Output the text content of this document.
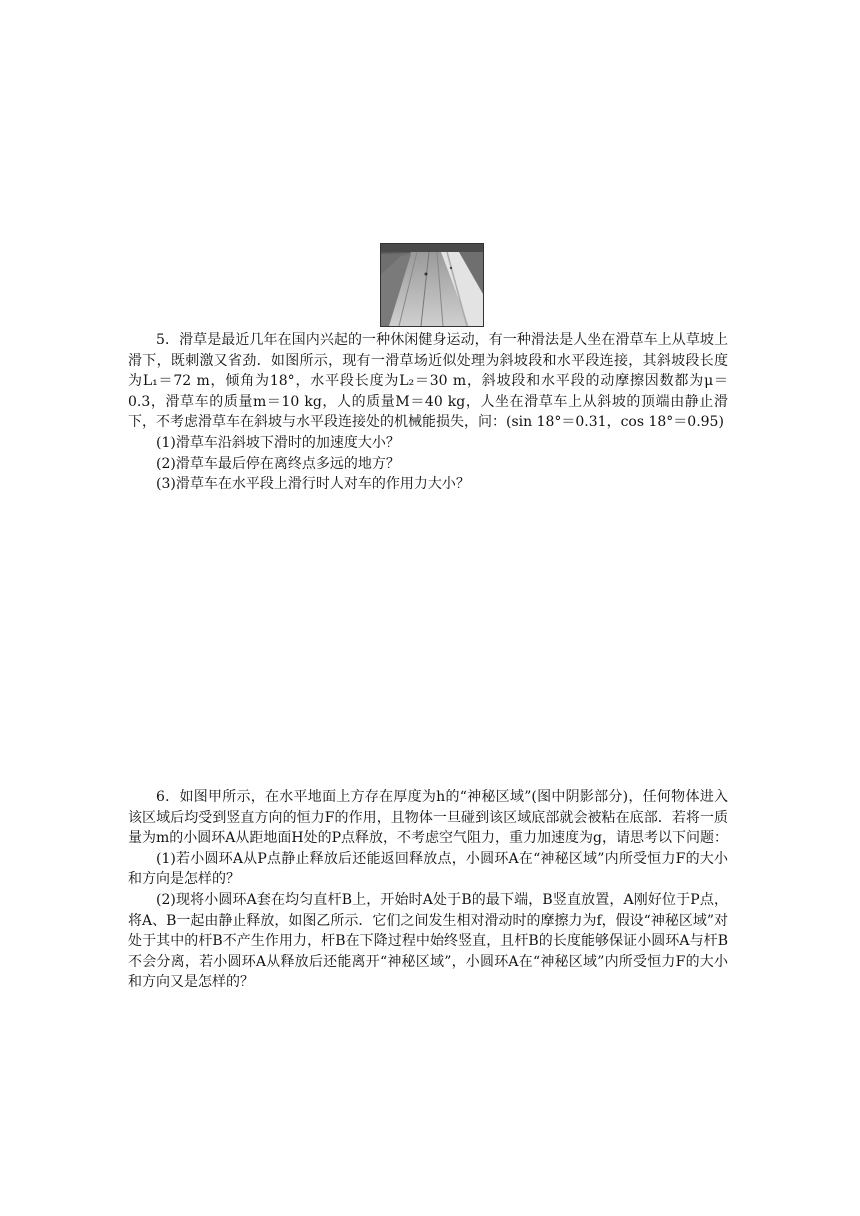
5．滑草是最近几年在国内兴起的一种休闲健身运动，有一种滑法是人坐在滑草车上从草坡上滑下，既刺激又省劲．如图所示，现有一滑草场近似处理为斜坡段和水平段连接，其斜坡段长度为L₁＝72 m，倾角为18°，水平段长度为L₂＝30 m，斜坡段和水平段的动摩擦因数都为μ＝0.3，滑草车的质量m＝10 kg，人的质量M＝40 kg，人坐在滑草车上从斜坡的顶端由静止滑下，不考虑滑草车在斜坡与水平段连接处的机械能损失，问：(sin 18°＝0.31，cos 18°＝0.95)

(1)滑草车沿斜坡下滑时的加速度大小？

(2)滑草车最后停在离终点多远的地方？

(3)滑草车在水平段上滑行时人对车的作用力大小？

6．如图甲所示，在水平地面上方存在厚度为h的“神秘区域”(图中阴影部分)，任何物体进入该区域后均受到竖直方向的恒力F的作用，且物体一旦碰到该区域底部就会被粘在底部．若将一质量为m的小圆环A从距地面H处的P点释放，不考虑空气阻力，重力加速度为g，请思考以下问题：

(1)若小圆环A从P点静止释放后还能返回释放点，小圆环A在“神秘区域”内所受恒力F的大小和方向是怎样的？

(2)现将小圆环A套在均匀直杆B上，开始时A处于B的最下端，B竖直放置，A刚好位于P点，将A、B一起由静止释放，如图乙所示．它们之间发生相对滑动时的摩擦力为f，假设“神秘区域”对处于其中的杆B不产生作用力，杆B在下降过程中始终竖直，且杆B的长度能够保证小圆环A与杆B不会分离，若小圆环A从释放后还能离开“神秘区域”，小圆环A在“神秘区域”内所受恒力F的大小和方向又是怎样的？
